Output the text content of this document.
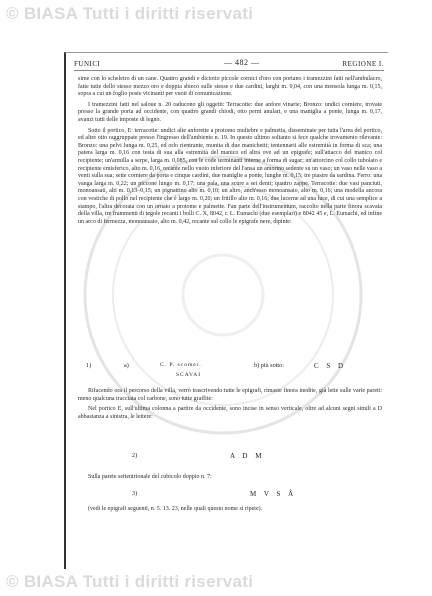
© BIASA Tutti i diritti riservati
FUNICI	— 482 —	REGIONE I.

sime con lo scheletro di un cane. Quattro grandi e diciotto piccole cornici d'oro con portano i tramezzini fatti nell'ambulacro, fatte tutte dello stesso mezzo oro e doppia sbieco sulle stesse e due cardini, larghi m. 0,04, con una mensola lunga m. 0,15, sopra a cui un foglio poste vicinanti per vuoti di comunicazione.

I tramezzini fatti nel saloue n. 20 raducono gli oggetti: Terracotte: due anfore vinarie; Bronzo: undici corniere, trovate presso la grande porta ad occidente, con quattro grandi chiodi, otto perni anulari, e una maniglia a ponte, lunga m. 0,17, avanzi tutti delle imposte di legno.

Sotto il portico, E: terracotte: undici alte anforette a protomo muliebre e palmetta, disseminate per tutta l'area del portico, ed altre otto raggruppate presso l'ingresso dell'ambiente n. 19. In questo ultimo soltanto si fece qualche trovamento rilevante: Bronzo: una pelvi lunga m. 0,25, ed orlo rientrante, munita di due manichetti; tentennarii alle estremità in forma di sca; una patera larga m. 0,16 con testa di sua alla estremità del manico ed altra ove ad un epigrafe; sull'attacco del manico col recipiente; un'armilla a serpe, larga m. 0,085, con le code terminanti interne a forma di sugar; un'attorcino col collo tubolato e recipiente emisferico, alto m. 0,16, recante nello vuoto inferiore del l'ansa un amorino sedente su un vaso; un vaso nelle vaso a venti sulla sua; sette corniere da porta e cinque cardini, due maniglie a ponte, lunghe m. 0,15; tre piastre da sardina. Ferro: una vanga larga m. 0,22; un piccone lungo m. 0,17; una pala, una scure a sei denti; quattro zappe. Terracotte: due vasi panciuti, monoansati, alti m. 0,13–0,15; un pignattino alto m. 0,10; un altro, anch'esso monoansato, alto m. 0,16; una modella ancora con vestiche di pollo nel recipiente che è largo m. 0,20; un fritillo alto m. 0,16; due lucerne ad una luce, di cui una semplice a stampo, l'altra decorata con un ornato a protome e palmette. Fan parte dell'instrumentum, raccolto nella parte finora scavata della villa, tre frammenti di tegole recanti i bolli C. X, 8042, r. L. Eumachi (due esemplari) e 8042 45 e, L. Eumachi, ed infine un arco di fermezza, monoansato, alto m. 0,42, recante sul collo le epigrafe nere, dipinte:

1)	a)	C. P. scomer.	b) più sotto:	C S D
SCAVAI

Rifacendo ora il percorso della villa, verrò trascrivendo tutte le epigrafi, rimaste finora inedite, già lette sulle varie pareti: meno qualcuna tracciata col carbone, sono tutte graffite:

Nel portico E, sull'ultima colonna a partire da occidente, sono incise in senso verticale, oltre ad alcuni segni simili a D abbastanza a sinistra, le lettere:

2)	A D M

Sulla parete settentrionale del cubicolo doppio n. 7:

3)	M V S Â

(vedi le epigrafi seguenti, n. 5. 13. 23, nelle quali questo nome si ripete).

© BIASA Tutti i diritti riservati
